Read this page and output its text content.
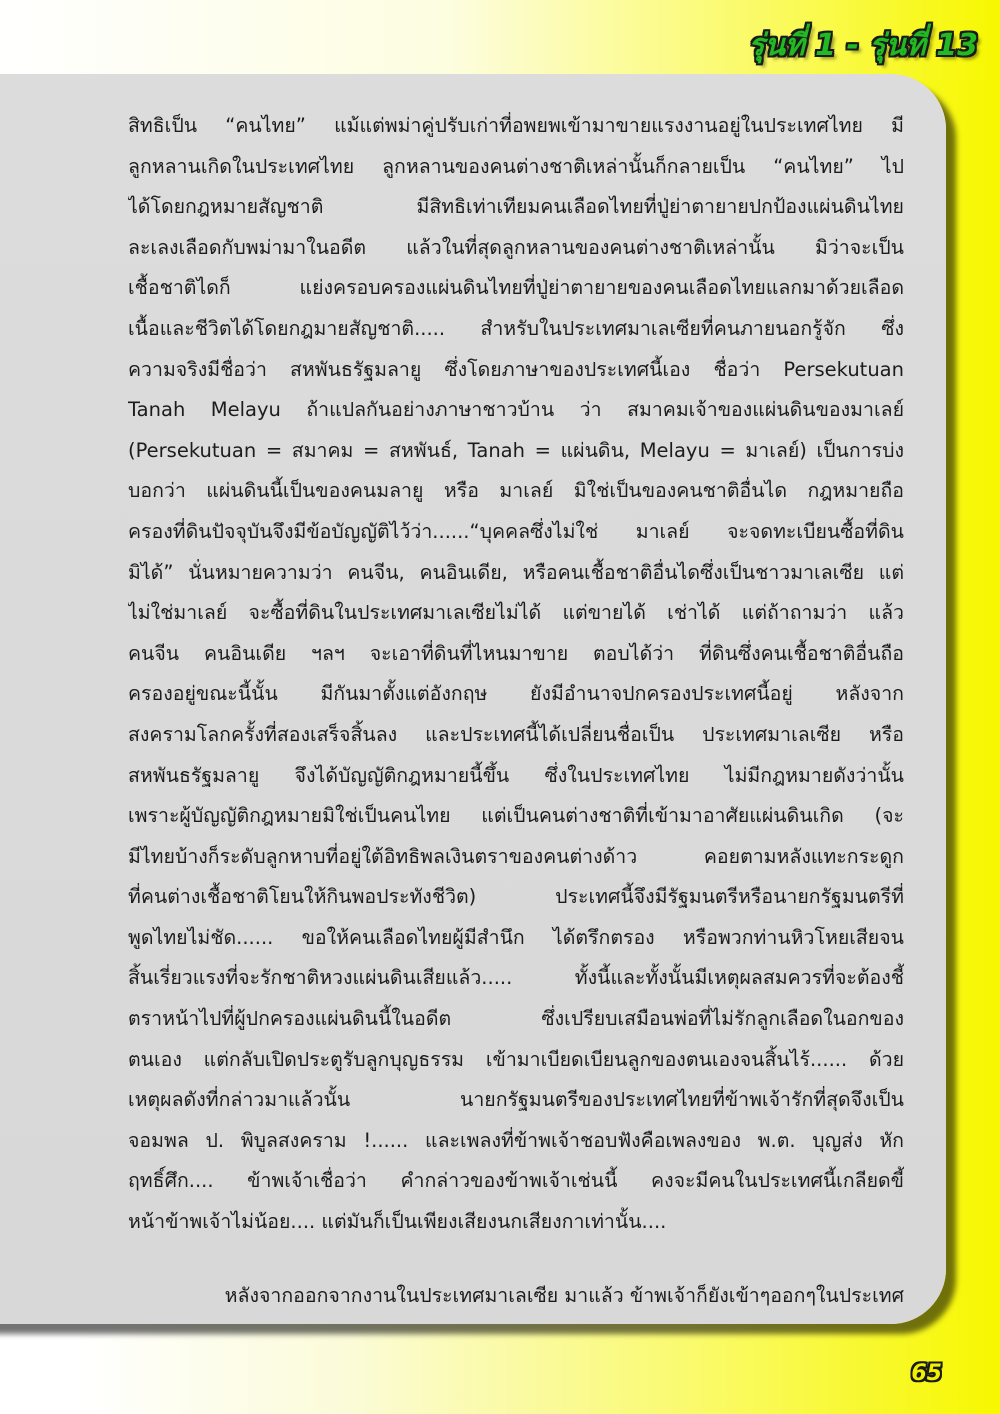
รุ่นที่ 1 - รุ่นที่ 13
สิทธิเป็น “คนไทย” แม้แต่พม่าคู่ปรับเก่าที่อพยพเข้ามาขายแรงงานอยู่ในประเทศไทย มี
ลูกหลานเกิดในประเทศไทย ลูกหลานของคนต่างชาติเหล่านั้นก็กลายเป็น “คนไทย” ไป
ได้โดยกฎหมายสัญชาติ มีสิทธิเท่าเทียมคนเลือดไทยที่ปู่ย่าตายายปกป้องแผ่นดินไทย
ละเลงเลือดกับพม่ามาในอดีต แล้วในที่สุดลูกหลานของคนต่างชาติเหล่านั้น มิว่าจะเป็น
เชื้อชาติไดก็ แย่งครอบครองแผ่นดินไทยที่ปู่ย่าตายายของคนเลือดไทยแลกมาด้วยเลือด
เนื้อและชีวิตได้โดยกฎมายสัญชาติ..... สำหรับในประเทศมาเลเซียที่คนภายนอกรู้จัก ซึ่ง
ความจริงมีชื่อว่า สหพันธรัฐมลายู ซึ่งโดยภาษาของประเทศนี้เอง ชื่อว่า Persekutuan
Tanah Melayu ถ้าแปลกันอย่างภาษาชาวบ้าน ว่า สมาคมเจ้าของแผ่นดินของมาเลย์
(Persekutuan = สมาคม = สหพันธ์, Tanah = แผ่นดิน, Melayu = มาเลย์) เป็นการบ่ง
บอกว่า แผ่นดินนี้เป็นของคนมลายู หรือ มาเลย์ มิใช่เป็นของคนชาติอื่นได กฎหมายถือ
ครองที่ดินปัจจุบันจึงมีข้อบัญญัติไว้ว่า......“บุคคลซึ่งไม่ใช่ มาเลย์ จะจดทะเบียนซื้อที่ดิน
มิได้” นั่นหมายความว่า คนจีน, คนอินเดีย, หรือคนเชื้อชาติอื่นไดซึ่งเป็นชาวมาเลเซีย แต่
ไม่ใช่มาเลย์ จะซื้อที่ดินในประเทศมาเลเซียไม่ได้ แต่ขายได้ เช่าได้ แต่ถ้าถามว่า แล้ว
คนจีน คนอินเดีย ฯลฯ จะเอาที่ดินที่ไหนมาขาย ตอบได้ว่า ที่ดินซึ่งคนเชื้อชาติอื่นถือ
ครองอยู่ขณะนี้นั้น มีกันมาตั้งแต่อังกฤษ ยังมีอำนาจปกครองประเทศนี้อยู่ หลังจาก
สงครามโลกครั้งที่สองเสร็จสิ้นลง และประเทศนี้ได้เปลี่ยนชื่อเป็น ประเทศมาเลเซีย หรือ
สหพันธรัฐมลายู จึงได้บัญญัติกฎหมายนี้ขึ้น ซึ่งในประเทศไทย ไม่มีกฎหมายดังว่านั้น
เพราะผู้บัญญัติกฎหมายมิใช่เป็นคนไทย แต่เป็นคนต่างชาติที่เข้ามาอาศัยแผ่นดินเกิด (จะ
มีไทยบ้างก็ระดับลูกหาบที่อยู่ใต้อิทธิพลเงินตราของคนต่างด้าว คอยตามหลังแทะกระดูก
ที่คนต่างเชื้อชาติโยนให้กินพอประทังชีวิต) ประเทศนี้จึงมีรัฐมนตรีหรือนายกรัฐมนตรีที่
พูดไทยไม่ชัด...... ขอให้คนเลือดไทยผู้มีสำนึก ได้ตรึกตรอง หรือพวกท่านหิวโหยเสียจน
สิ้นเรี่ยวแรงที่จะรักชาติหวงแผ่นดินเสียแล้ว..... ทั้งนี้และทั้งนั้นมีเหตุผลสมควรที่จะต้องชี้
ตราหน้าไปที่ผู้ปกครองแผ่นดินนี้ในอดีต ซึ่งเปรียบเสมือนพ่อที่ไม่รักลูกเลือดในอกของ
ตนเอง แต่กลับเปิดประตูรับลูกบุญธรรม เข้ามาเบียดเบียนลูกของตนเองจนสิ้นไร้...... ด้วย
เหตุผลดังที่กล่าวมาแล้วนั้น นายกรัฐมนตรีของประเทศไทยที่ข้าพเจ้ารักที่สุดจึงเป็น
จอมพล ป. พิบูลสงคราม !...... และเพลงที่ข้าพเจ้าชอบฟังคือเพลงของ พ.ต. บุญส่ง หัก
ฤทธิ์ศึก.... ข้าพเจ้าเชื่อว่า คำกล่าวของข้าพเจ้าเช่นนี้ คงจะมีคนในประเทศนี้เกลียดขี้
หน้าข้าพเจ้าไม่น้อย.... แต่มันก็เป็นเพียงเสียงนกเสียงกาเท่านั้น....
หลังจากออกจากงานในประเทศมาเลเซีย มาแล้ว ข้าพเจ้าก็ยังเข้าๆออกๆในประเทศ
65
